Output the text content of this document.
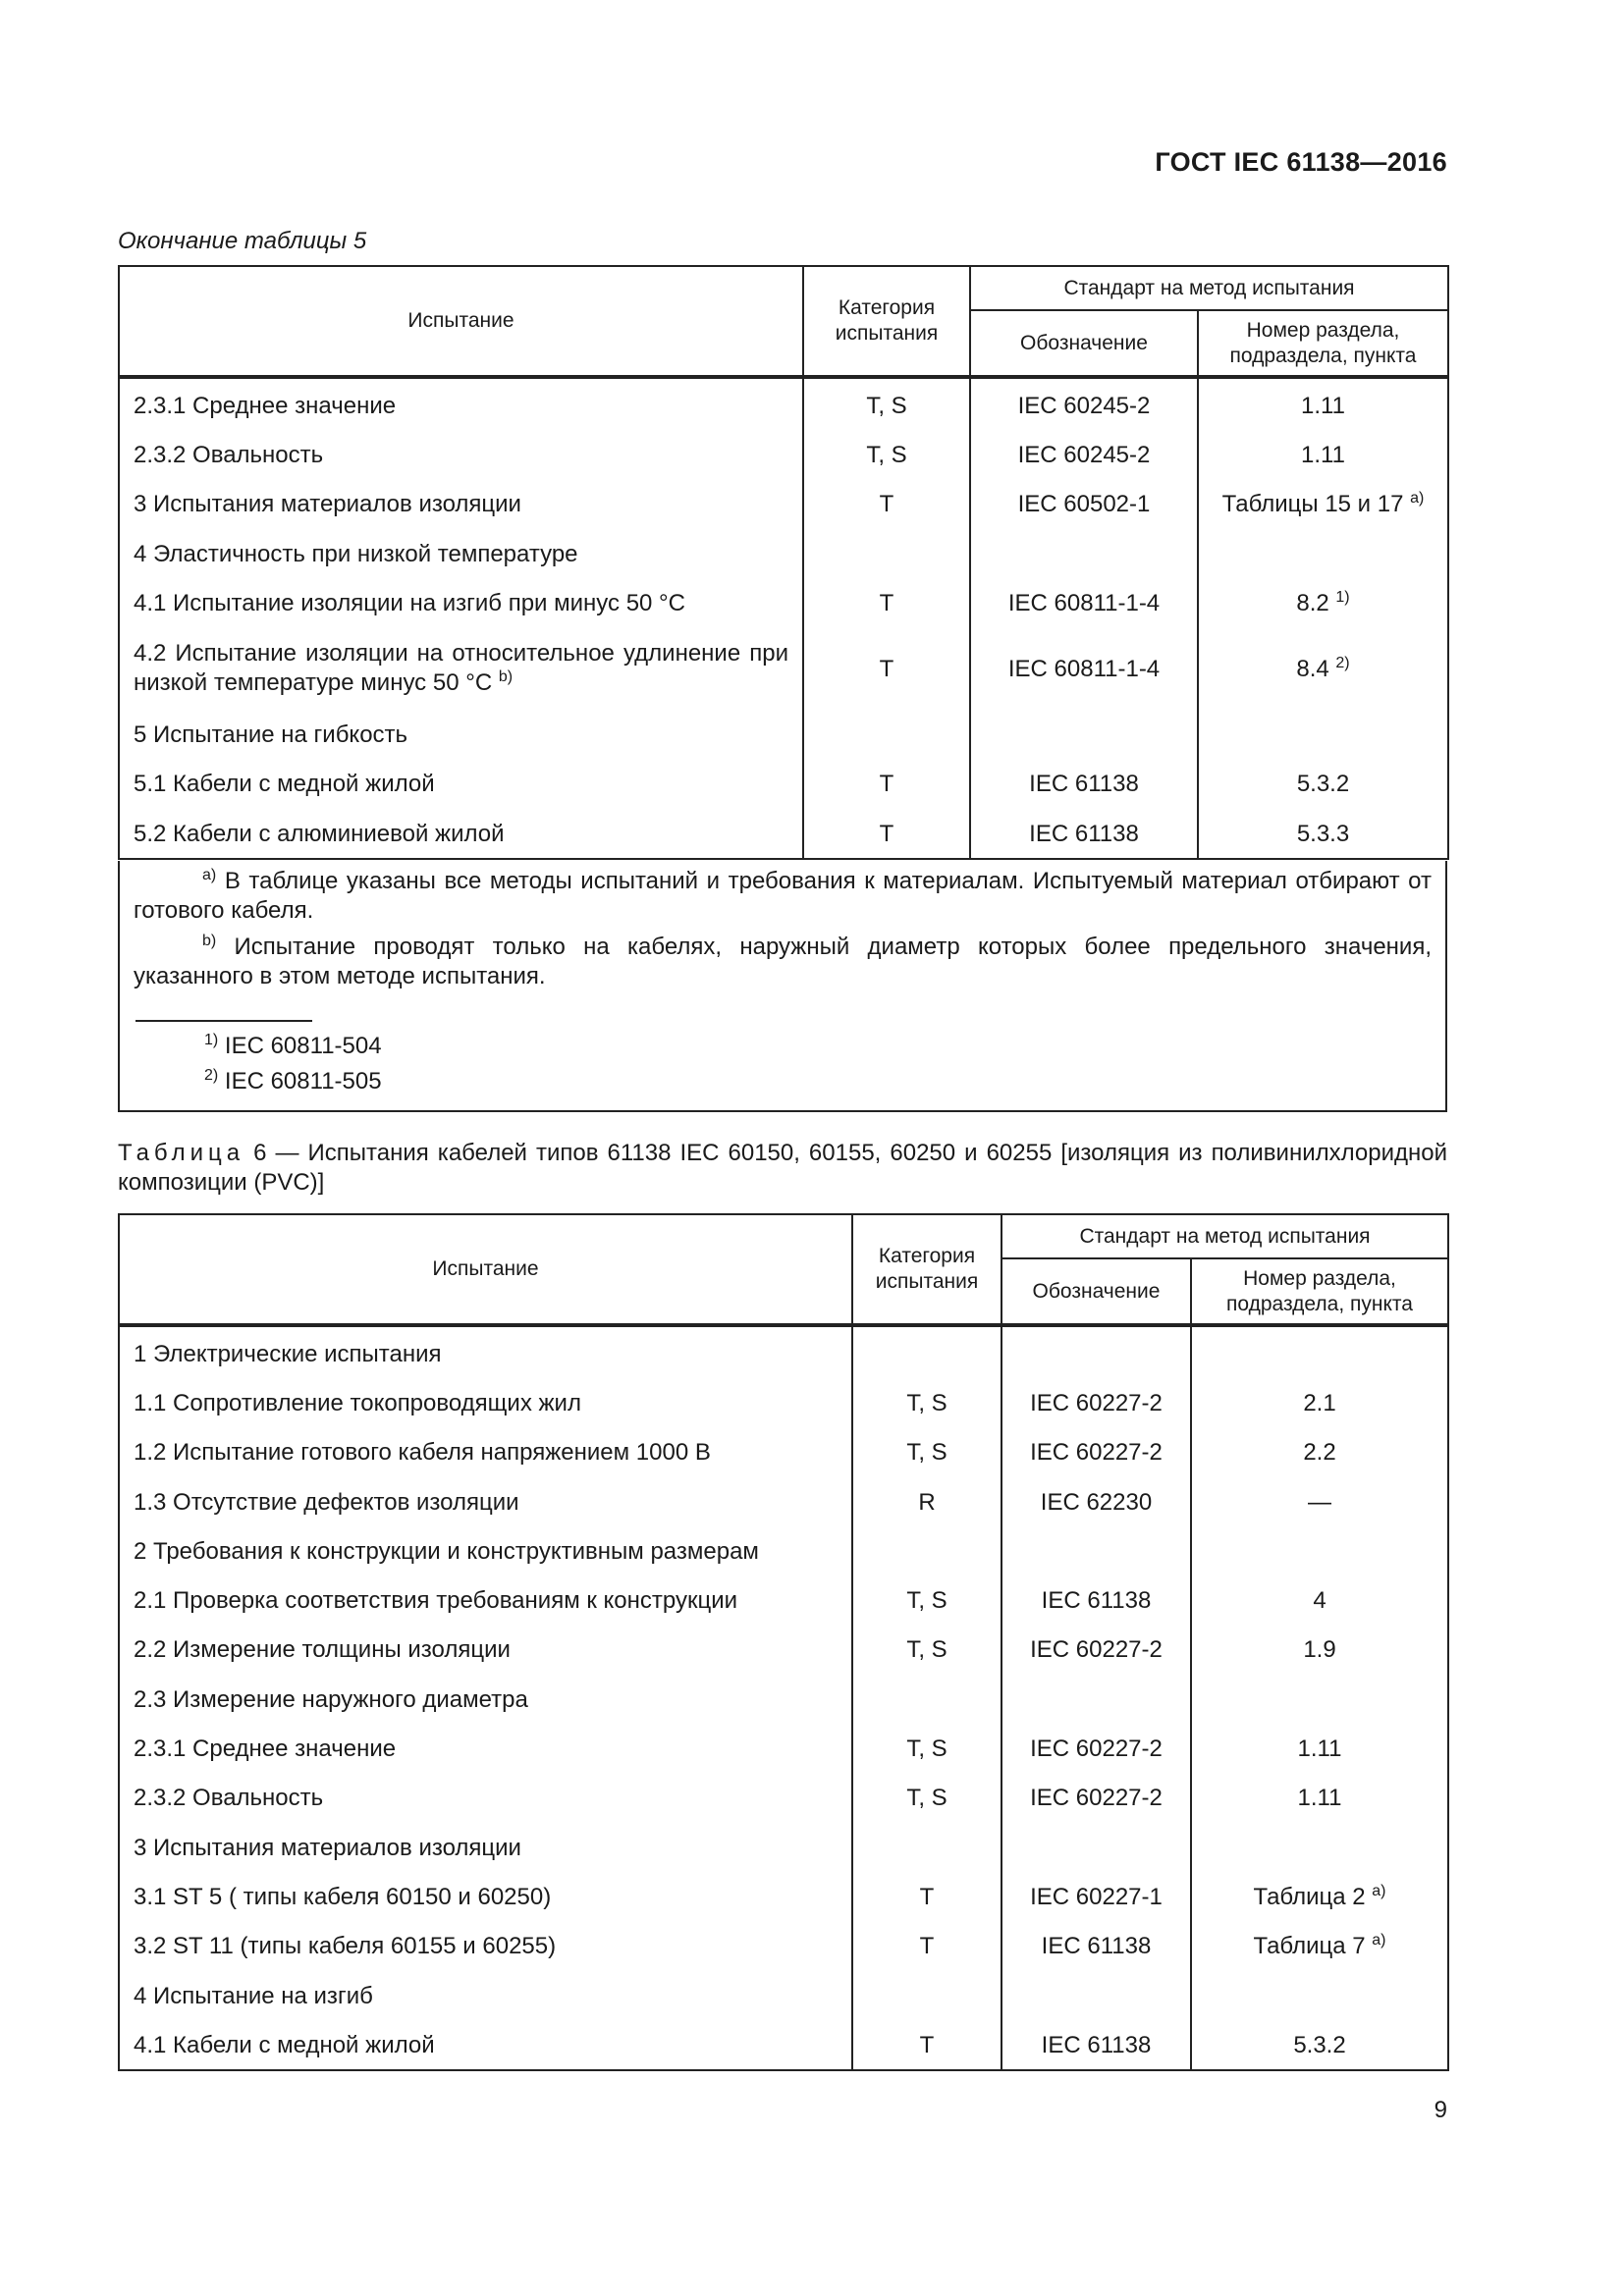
ГОСТ IEC 61138—2016
Окончание таблицы 5
Испытание	Категория испытания	Стандарт на метод испытания	
		Обозначение	Номер раздела, подраздела, пункта
2.3.1 Среднее значение	T, S	IEC 60245-2	1.11
2.3.2 Овальность	T, S	IEC 60245-2	1.11
3 Испытания материалов изоляции	T	IEC 60502-1	Таблицы 15 и 17 $^{a)}$
4 Эластичность при низкой температуре			
4.1 Испытание изоляции на изгиб при минус 50 °C	T	IEC 60811-1-4	8.2 $^{1)}$
4.2 Испытание изоляции на относительное удлинение при низкой температуре минус 50 °C $^{b)}$	T	IEC 60811-1-4	8.4 $^{2)}$
5 Испытание на гибкость			
5.1 Кабели с медной жилой	T	IEC 61138	5.3.2
5.2 Кабели с алюминиевой жилой	T	IEC 61138	5.3.3
$^{a)}$ В таблице указаны все методы испытаний и требования к материалам. Испытуемый материал отбирают от готового кабеля.
$^{b)}$ Испытание проводят только на кабелях, наружный диаметр которых более предельного значения, указанного в этом методе испытания.
$^{1)}$ IEC 60811-504
$^{2)}$ IEC 60811-505
Таблица 6 — Испытания кабелей типов 61138 IEC 60150, 60155, 60250 и 60255 [изоляция из поливинилхлоридной композиции (PVC)]
Испытание	Категория испытания	Стандарт на метод испытания	
		Обозначение	Номер раздела, подраздела, пункта
1 Электрические испытания			
1.1 Сопротивление токопроводящих жил	T, S	IEC 60227-2	2.1
1.2 Испытание готового кабеля напряжением 1000 В	T, S	IEC 60227-2	2.2
1.3 Отсутствие дефектов изоляции	R	IEC 62230	—
2 Требования к конструкции и конструктивным размерам			
2.1 Проверка соответствия требованиям к конструкции	T, S	IEC 61138	4
2.2 Измерение толщины изоляции	T, S	IEC 60227-2	1.9
2.3 Измерение наружного диаметра			
2.3.1 Среднее значение	T, S	IEC 60227-2	1.11
2.3.2 Овальность	T, S	IEC 60227-2	1.11
3 Испытания материалов изоляции			
3.1 ST 5 ( типы кабеля 60150 и 60250)	T	IEC 60227-1	Таблица 2 $^{a)}$
3.2 ST 11 (типы кабеля 60155 и 60255)	T	IEC 61138	Таблица 7 $^{a)}$
4 Испытание на изгиб			
4.1 Кабели с медной жилой	T	IEC 61138	5.3.2
9
